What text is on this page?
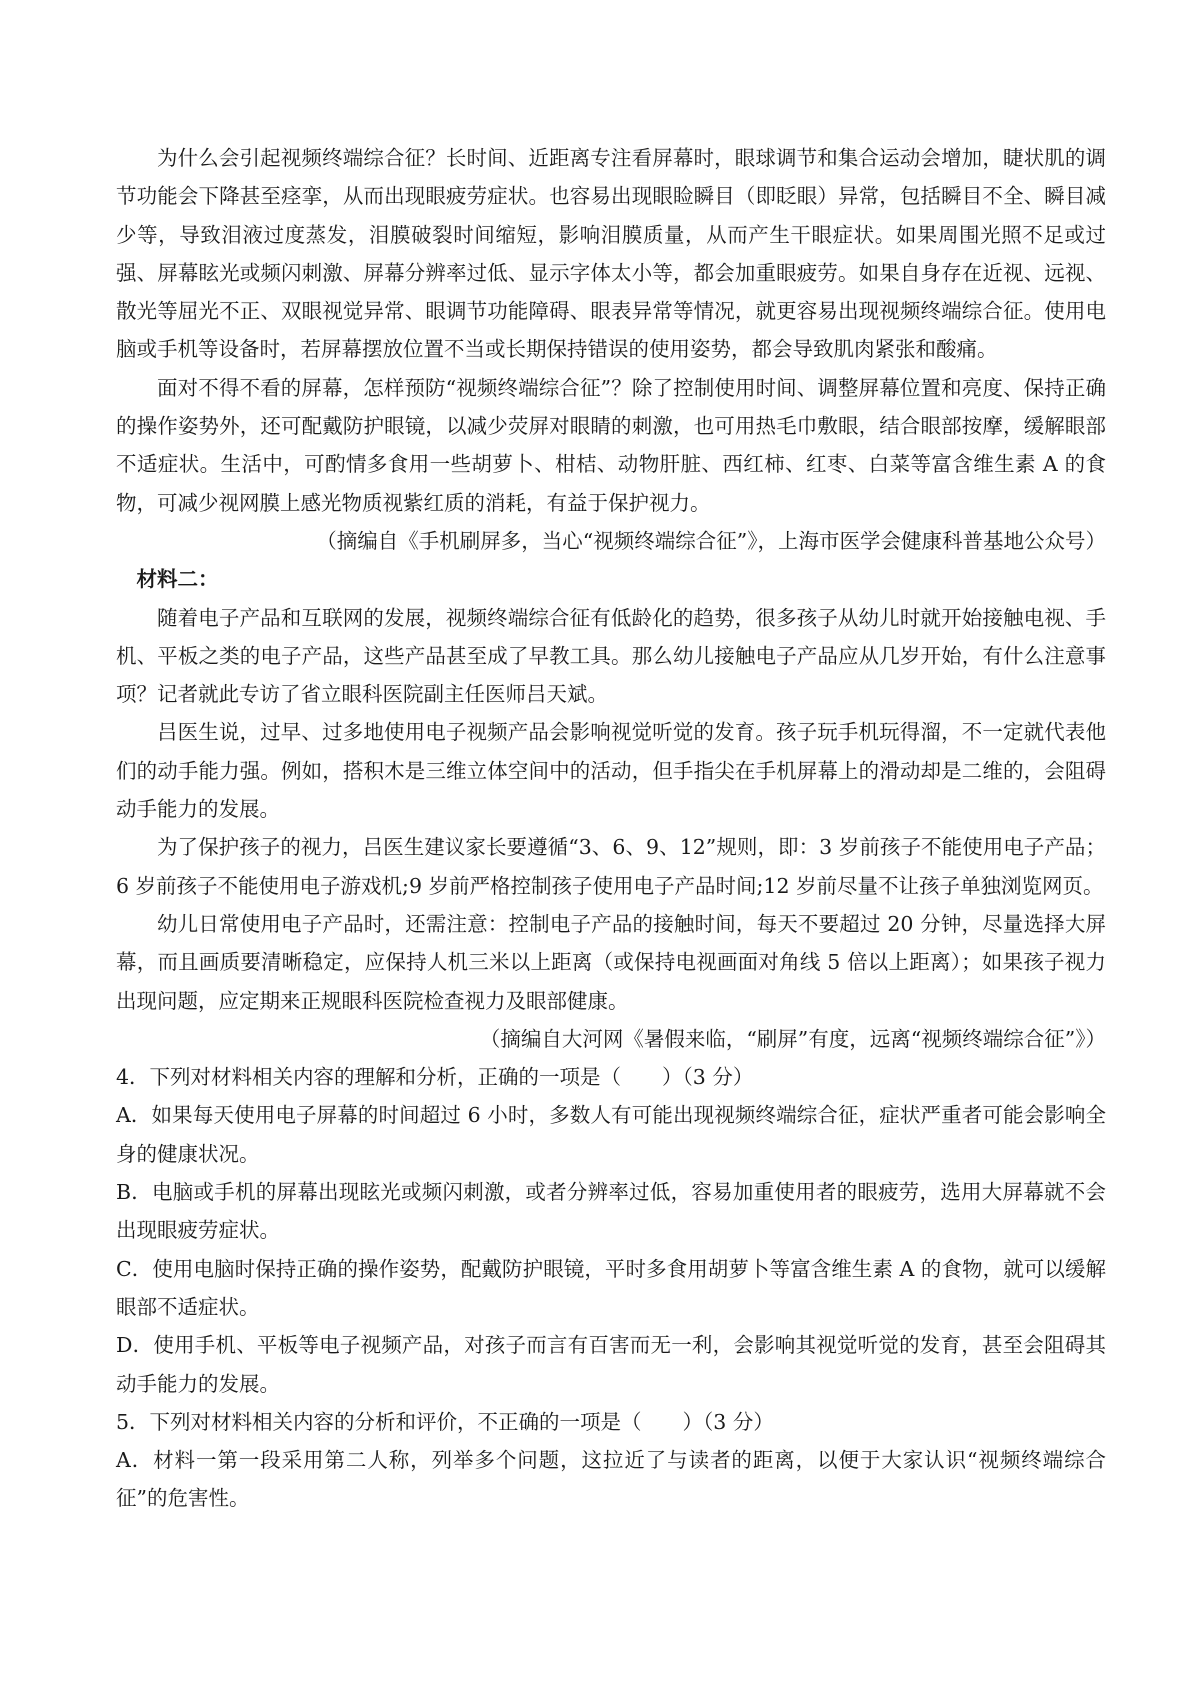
为什么会引起视频终端综合征？长时间、近距离专注看屏幕时，眼球调节和集合运动会增加，睫状肌的调节功能会下降甚至痉挛，从而出现眼疲劳症状。也容易出现眼睑瞬目（即眨眼）异常，包括瞬目不全、瞬目减少等，导致泪液过度蒸发，泪膜破裂时间缩短，影响泪膜质量，从而产生干眼症状。如果周围光照不足或过强、屏幕眩光或频闪刺激、屏幕分辨率过低、显示字体太小等，都会加重眼疲劳。如果自身存在近视、远视、散光等屈光不正、双眼视觉异常、眼调节功能障碍、眼表异常等情况，就更容易出现视频终端综合征。使用电脑或手机等设备时，若屏幕摆放位置不当或长期保持错误的使用姿势，都会导致肌肉紧张和酸痛。

面对不得不看的屏幕，怎样预防“视频终端综合征”？除了控制使用时间、调整屏幕位置和亮度、保持正确的操作姿势外，还可配戴防护眼镜，以减少荧屏对眼睛的刺激，也可用热毛巾敷眼，结合眼部按摩，缓解眼部不适症状。生活中，可酌情多食用一些胡萝卜、柑桔、动物肝脏、西红柿、红枣、白菜等富含维生素 A 的食物，可减少视网膜上感光物质视紫红质的消耗，有益于保护视力。

（摘编自《手机刷屏多，当心“视频终端综合征”》，上海市医学会健康科普基地公众号）

材料二：

随着电子产品和互联网的发展，视频终端综合征有低龄化的趋势，很多孩子从幼儿时就开始接触电视、手机、平板之类的电子产品，这些产品甚至成了早教工具。那么幼儿接触电子产品应从几岁开始，有什么注意事项？记者就此专访了省立眼科医院副主任医师吕天斌。

吕医生说，过早、过多地使用电子视频产品会影响视觉听觉的发育。孩子玩手机玩得溜，不一定就代表他们的动手能力强。例如，搭积木是三维立体空间中的活动，但手指尖在手机屏幕上的滑动却是二维的，会阻碍动手能力的发展。

为了保护孩子的视力，吕医生建议家长要遵循“3、6、9、12”规则，即：3 岁前孩子不能使用电子产品；6 岁前孩子不能使用电子游戏机;9 岁前严格控制孩子使用电子产品时间;12 岁前尽量不让孩子单独浏览网页。

幼儿日常使用电子产品时，还需注意：控制电子产品的接触时间，每天不要超过 20 分钟，尽量选择大屏幕，而且画质要清晰稳定，应保持人机三米以上距离（或保持电视画面对角线 5 倍以上距离）；如果孩子视力出现问题，应定期来正规眼科医院检查视力及眼部健康。

（摘编自大河网《暑假来临，“刷屏”有度，远离“视频终端综合征”》）

4．下列对材料相关内容的理解和分析，正确的一项是（　　）（3 分）

A．如果每天使用电子屏幕的时间超过 6 小时，多数人有可能出现视频终端综合征，症状严重者可能会影响全身的健康状况。

B．电脑或手机的屏幕出现眩光或频闪刺激，或者分辨率过低，容易加重使用者的眼疲劳，选用大屏幕就不会出现眼疲劳症状。

C．使用电脑时保持正确的操作姿势，配戴防护眼镜，平时多食用胡萝卜等富含维生素 A 的食物，就可以缓解眼部不适症状。

D．使用手机、平板等电子视频产品，对孩子而言有百害而无一利，会影响其视觉听觉的发育，甚至会阻碍其动手能力的发展。

5．下列对材料相关内容的分析和评价，不正确的一项是（　　）（3 分）

A．材料一第一段采用第二人称，列举多个问题，这拉近了与读者的距离，以便于大家认识“视频终端综合征”的危害性。
